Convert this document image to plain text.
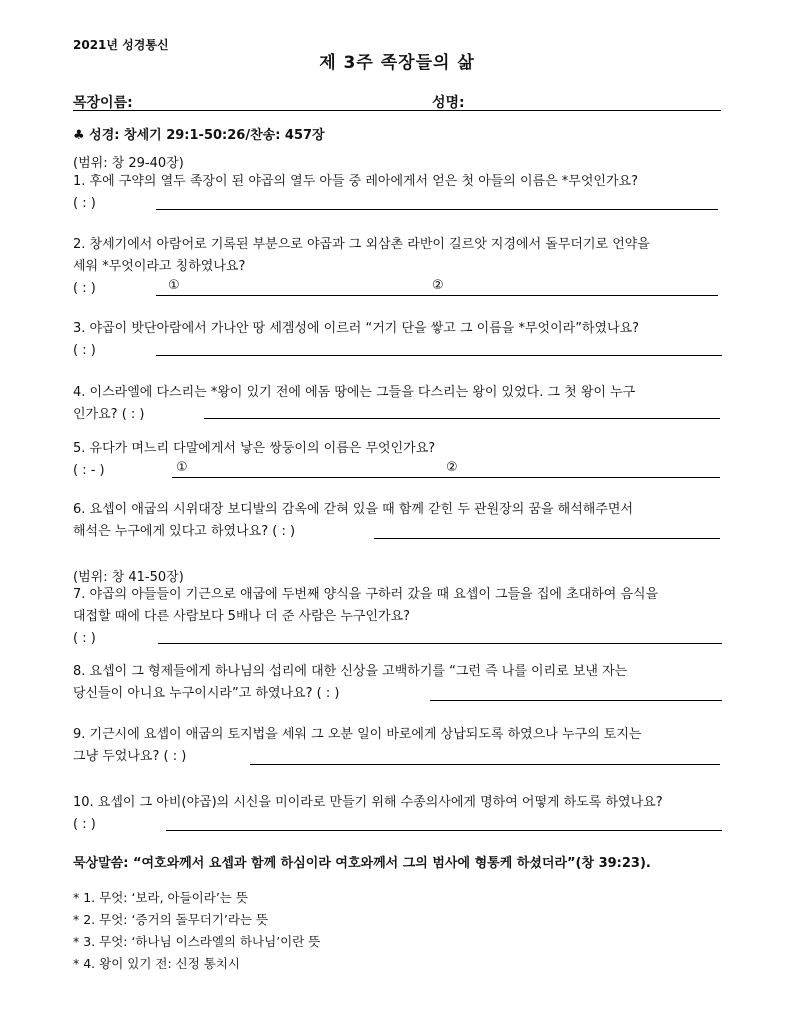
2021년 성경통신
제 3주 족장들의 삶
목장이름:	성명:
♣ 성경: 창세기 29:1-50:26/찬송: 457장
(범위: 창 29-40장)
1. 후에 구약의 열두 족장이 된 야곱의 열두 아들 중 레아에게서 얻은 첫 아들의 이름은 *무엇인가요?
( : )
2. 창세기에서 아람어로 기록된 부분으로 야곱과 그 외삼촌 라반이 길르앗 지경에서 돌무더기로 언약을
세워 *무엇이라고 칭하였나요?
( : )	①	②
3. 야곱이 밧단아람에서 가나안 땅 세겜성에 이르러 “거기 단을 쌓고 그 이름을 *무엇이라”하였나요?
( : )
4. 이스라엘에 다스리는 *왕이 있기 전에 에돔 땅에는 그들을 다스리는 왕이 있었다. 그 첫 왕이 누구
인가요? ( : )
5. 유다가 며느리 다말에게서 낳은 쌍둥이의 이름은 무엇인가요?
( : - )	①	②
6. 요셉이 애굽의 시위대장 보디발의 감옥에 갇혀 있을 때 함께 갇힌 두 관원장의 꿈을 해석해주면서
해석은 누구에게 있다고 하였나요? ( : )
(범위: 창 41-50장)
7. 야곱의 아들들이 기근으로 애굽에 두번째 양식을 구하러 갔을 때 요셉이 그들을 집에 초대하여 음식을
대접할 때에 다른 사람보다 5배나 더 준 사람은 누구인가요?
( : )
8. 요셉이 그 형제들에게 하나님의 섭리에 대한 신상을 고백하기를 “그런 즉 나를 이리로 보낸 자는
당신들이 아니요 누구이시라”고 하였나요? ( : )
9. 기근시에 요셉이 애굽의 토지법을 세워 그 오분 일이 바로에게 상납되도록 하였으나 누구의 토지는
그냥 두었나요? ( : )
10. 요셉이 그 아비(야곱)의 시신을 미이라로 만들기 위해 수종의사에게 명하여 어떻게 하도록 하였나요?
( : )
묵상말씀: “여호와께서 요셉과 함께 하심이라 여호와께서 그의 범사에 형통케 하셨더라”(창 39:23).
* 1. 무엇: ‘보라, 아들이라’는 뜻
* 2. 무엇: ‘증거의 돌무더기’라는 뜻
* 3. 무엇: ‘하나님 이스라엘의 하나님’이란 뜻
* 4. 왕이 있기 전: 신정 통치시
